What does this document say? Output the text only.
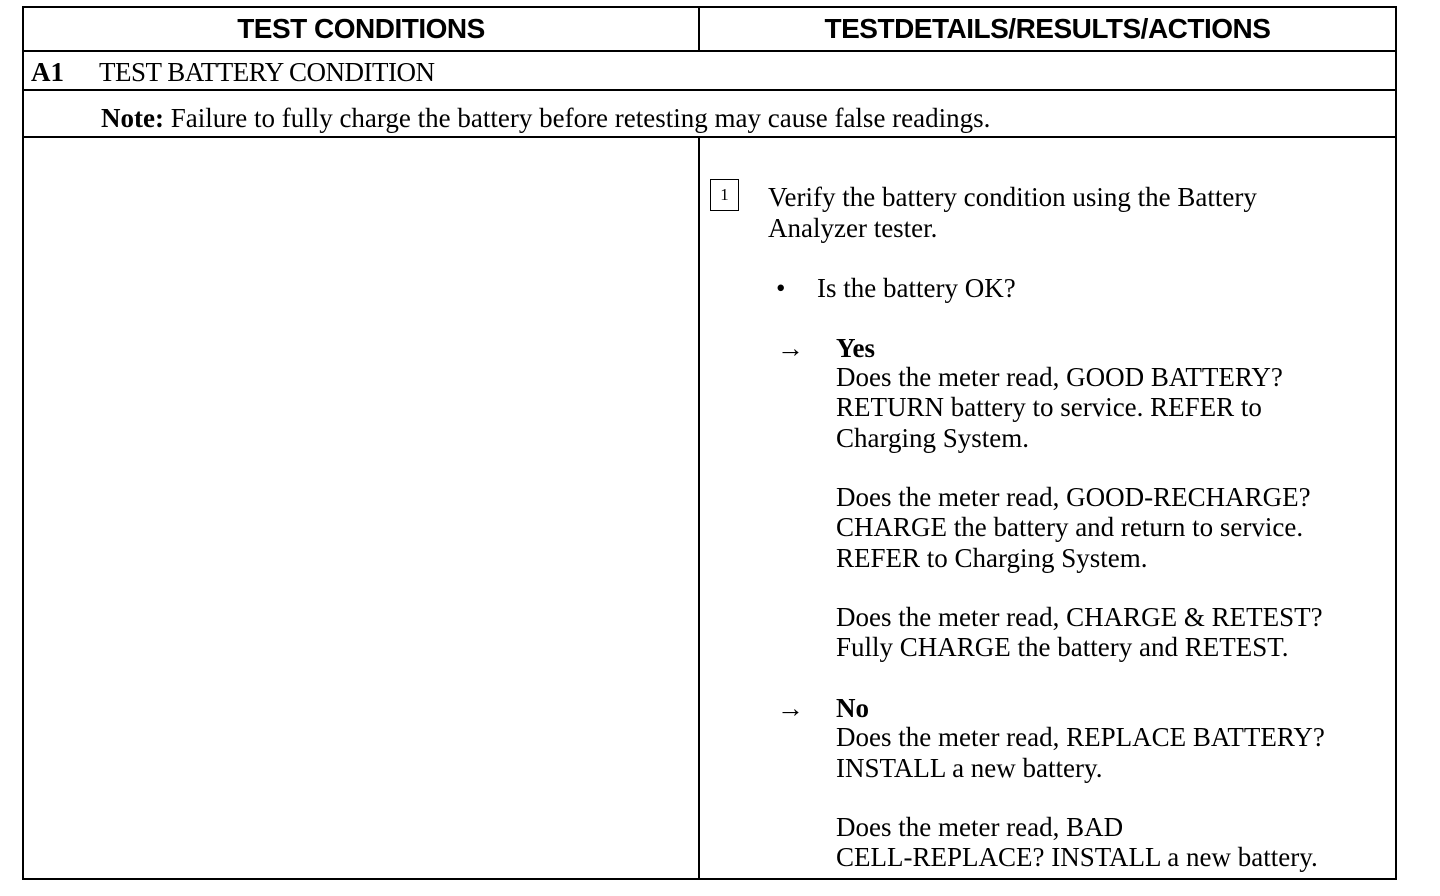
TEST CONDITIONS	TESTDETAILS/RESULTS/ACTIONS
A1 TEST BATTERY CONDITION
Note: Failure to fully charge the battery before retesting may cause false readings.
1	Verify the battery condition using the Battery
Analyzer tester.
• Is the battery OK?
→ Yes
Does the meter read, GOOD BATTERY?
RETURN battery to service. REFER to
Charging System.
Does the meter read, GOOD-RECHARGE?
CHARGE the battery and return to service.
REFER to Charging System.
Does the meter read, CHARGE & RETEST?
Fully CHARGE the battery and RETEST.
→ No
Does the meter read, REPLACE BATTERY?
INSTALL a new battery.
Does the meter read, BAD
CELL-REPLACE? INSTALL a new battery.
